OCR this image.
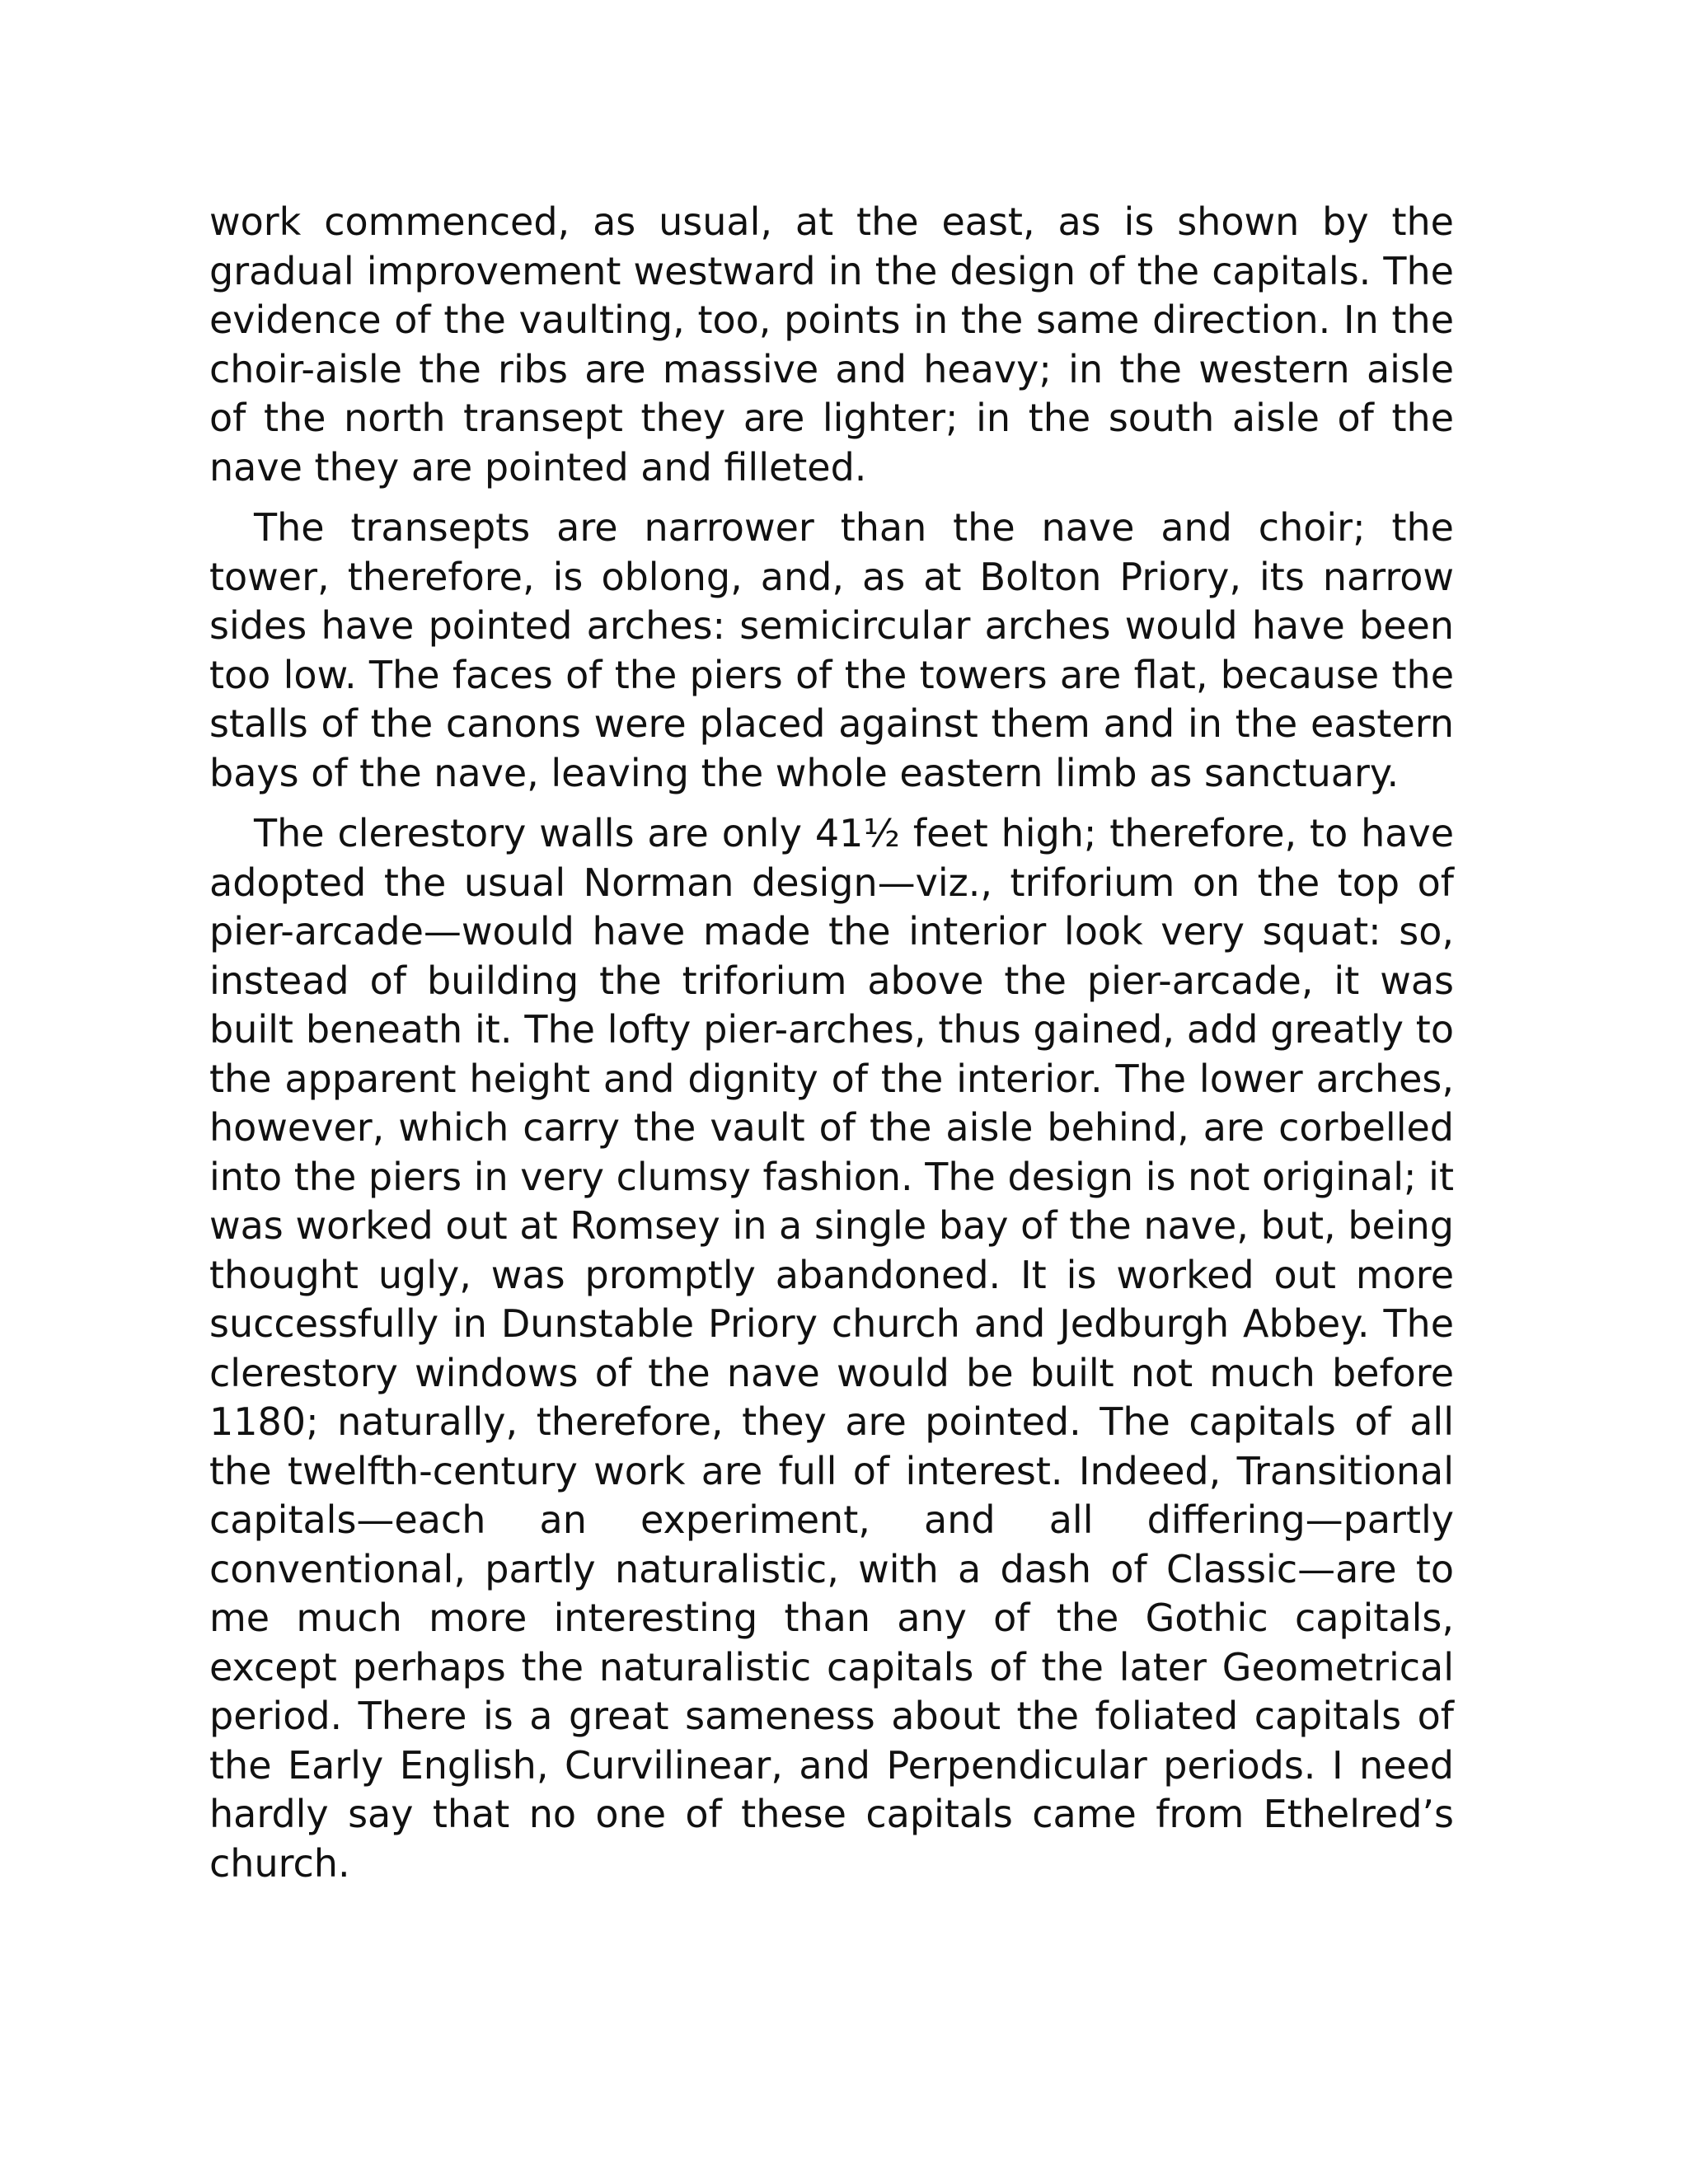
work commenced, as usual, at the east, as is shown by the gradual improvement westward in the design of the capitals. The evidence of the vaulting, too, points in the same direction. In the choir-aisle the ribs are massive and heavy; in the western aisle of the north transept they are lighter; in the south aisle of the nave they are pointed and filleted.

The transepts are narrower than the nave and choir; the tower, therefore, is oblong, and, as at Bolton Priory, its narrow sides have pointed arches: semicircular arches would have been too low. The faces of the piers of the towers are flat, because the stalls of the canons were placed against them and in the eastern bays of the nave, leaving the whole eastern limb as sanctuary.

The clerestory walls are only 41½ feet high; therefore, to have adopted the usual Norman design—viz., triforium on the top of pier-arcade—would have made the interior look very squat: so, instead of building the triforium above the pier-arcade, it was built beneath it. The lofty pier-arches, thus gained, add greatly to the apparent height and dignity of the interior. The lower arches, however, which carry the vault of the aisle behind, are corbelled into the piers in very clumsy fashion. The design is not original; it was worked out at Romsey in a single bay of the nave, but, being thought ugly, was promptly abandoned. It is worked out more successfully in Dunstable Priory church and Jedburgh Abbey. The clerestory windows of the nave would be built not much before 1180; naturally, therefore, they are pointed. The capitals of all the twelfth-century work are full of interest. Indeed, Transitional capitals—each an experiment, and all differing—partly conventional, partly naturalistic, with a dash of Classic—are to me much more interesting than any of the Gothic capitals, except perhaps the naturalistic capitals of the later Geometrical period. There is a great sameness about the foliated capitals of the Early English, Curvilinear, and Perpendicular periods. I need hardly say that no one of these capitals came from Ethelred’s church.
